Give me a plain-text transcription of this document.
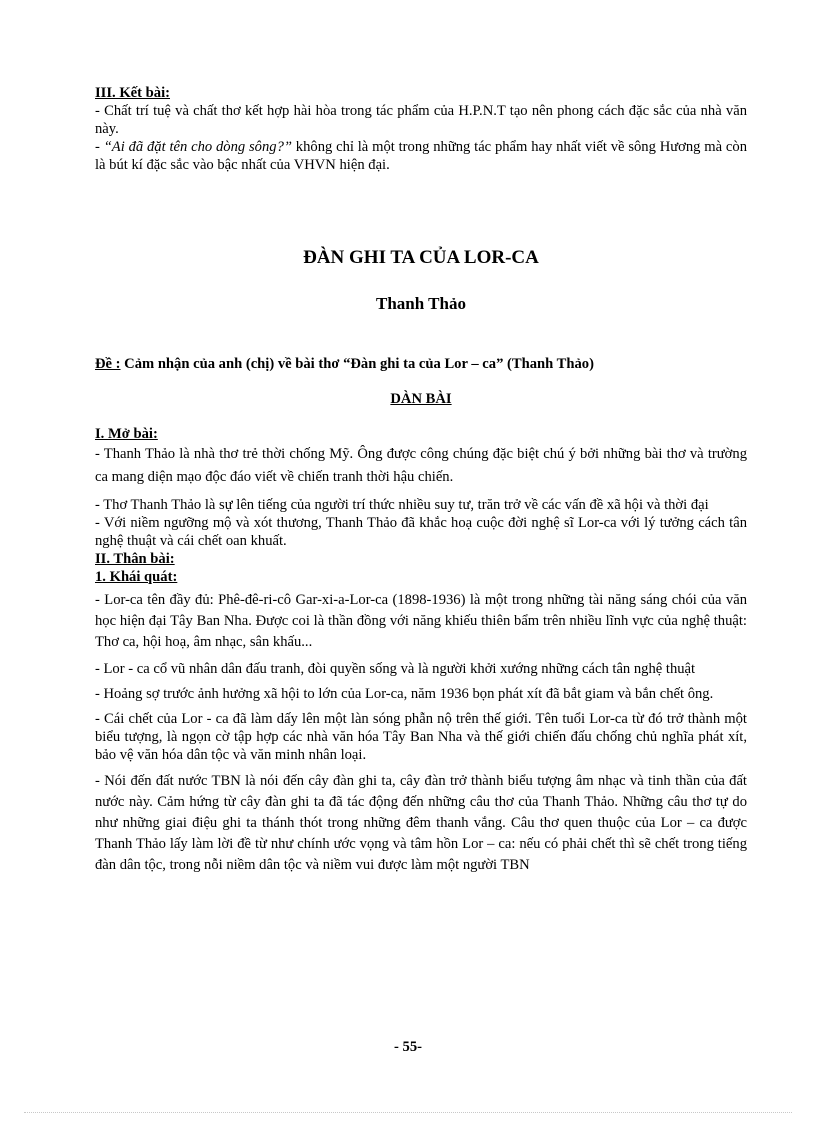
III. Kết bài:

- Chất trí tuệ và chất thơ kết hợp hài hòa trong tác phẩm của H.P.N.T tạo nên phong cách đặc sắc của nhà văn này.

- “Ai đã đặt tên cho dòng sông?” không chỉ là một trong những tác phẩm hay nhất viết về sông Hương mà còn là bút kí đặc sắc vào bậc nhất của VHVN hiện đại.

ĐÀN GHI TA CỦA LOR-CA

Thanh Thảo

Đề : Cảm nhận của anh (chị) về bài thơ “Đàn ghi ta của Lor – ca” (Thanh Thảo)

DÀN BÀI

I. Mở bài:

- Thanh Thảo là nhà thơ trẻ thời chống Mỹ. Ông được công chúng đặc biệt chú ý bởi những bài thơ và trường ca mang diện mạo độc đáo viết về chiến tranh thời hậu chiến.

- Thơ Thanh Thảo là sự lên tiếng của người trí thức nhiều suy tư, trăn trở về các vấn đề xã hội và thời đại

- Với niềm ngưỡng mộ và xót thương, Thanh Thảo đã khắc hoạ cuộc đời nghệ sĩ Lor-ca với lý tưởng cách tân nghệ thuật và cái chết oan khuất.

II. Thân bài:

1. Khái quát:

- Lor-ca tên đầy đủ: Phê-đê-ri-cô Gar-xi-a-Lor-ca (1898-1936) là một trong những tài năng sáng chói của văn học hiện đại Tây Ban Nha. Được coi là thần đồng với năng khiếu thiên bẩm trên nhiều lĩnh vực của nghệ thuật: Thơ ca, hội hoạ, âm nhạc, sân khấu...

- Lor - ca cổ vũ nhân dân đấu tranh, đòi quyền sống và là người khởi xướng những cách tân nghệ thuật

- Hoảng sợ trước ảnh hưởng xã hội to lớn của Lor-ca, năm 1936 bọn phát xít đã bắt giam và bắn chết ông.

- Cái chết của Lor - ca đã làm dấy lên một làn sóng phẫn nộ trên thế giới. Tên tuổi Lor-ca từ đó trở thành một biểu tượng, là ngọn cờ tập hợp các nhà văn hóa Tây Ban Nha và thế giới chiến đấu chống chủ nghĩa phát xít, bảo vệ văn hóa dân tộc và văn minh nhân loại.

- Nói đến đất nước TBN là nói đến cây đàn ghi ta, cây đàn trở thành biểu tượng âm nhạc và tinh thần của đất nước này. Cảm hứng từ cây đàn ghi ta đã tác động đến những câu thơ của Thanh Thảo. Những câu thơ tự do như những giai điệu ghi ta thánh thót trong những đêm thanh vắng. Câu thơ quen thuộc của Lor – ca được Thanh Thảo lấy làm lời đề từ như chính ước vọng và tâm hồn Lor – ca: nếu có phải chết thì sẽ chết trong tiếng đàn dân tộc, trong nỗi niềm dân tộc và niềm vui được làm một người TBN

- 55-
